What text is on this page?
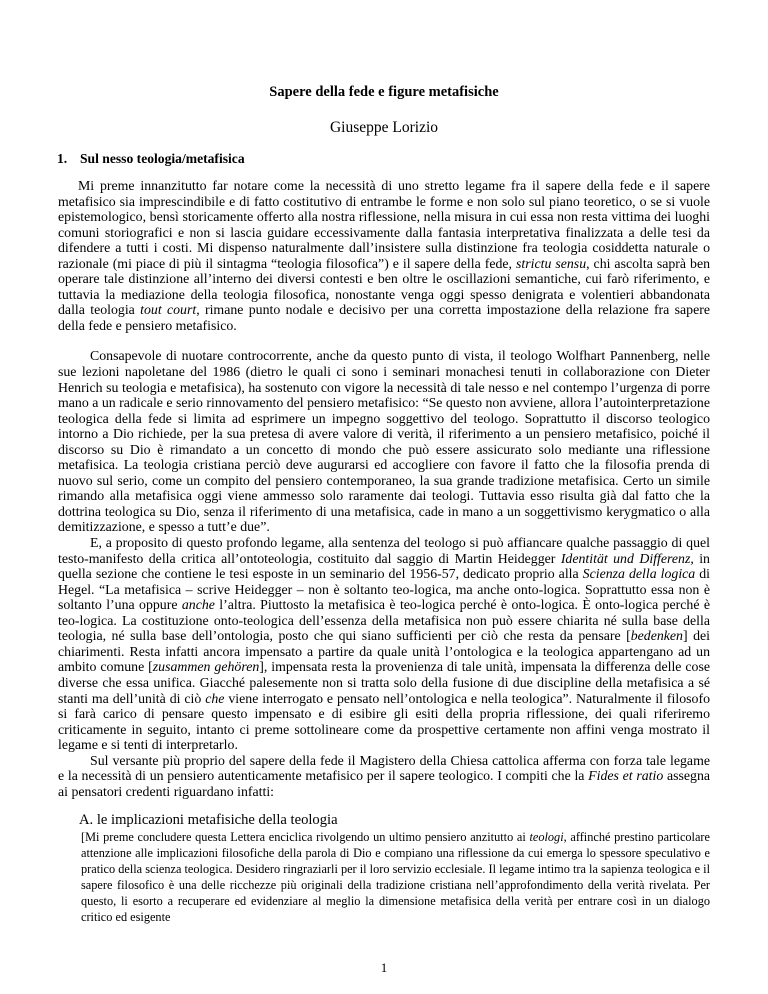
Sapere della fede e figure metafisiche
Giuseppe Lorizio
1. Sul nesso teologia/metafisica

Mi preme innanzitutto far notare come la necessità di uno stretto legame fra il sapere della fede e il sapere metafisico sia imprescindibile e di fatto costitutivo di entrambe le forme e non solo sul piano teoretico, o se si vuole epistemologico, bensì storicamente offerto alla nostra riflessione, nella misura in cui essa non resta vittima dei luoghi comuni storiografici e non si lascia guidare eccessivamente dalla fantasia interpretativa finalizzata a delle tesi da difendere a tutti i costi. Mi dispenso naturalmente dall’insistere sulla distinzione fra teologia cosiddetta naturale o razionale (mi piace di più il sintagma “teologia filosofica”) e il sapere della fede, strictu sensu, chi ascolta saprà ben operare tale distinzione all’interno dei diversi contesti e ben oltre le oscillazioni semantiche, cui farò riferimento, e tuttavia la mediazione della teologia filosofica, nonostante venga oggi spesso denigrata e volentieri abbandonata dalla teologia tout court, rimane punto nodale e decisivo per una corretta impostazione della relazione fra sapere della fede e pensiero metafisico.

Consapevole di nuotare controcorrente, anche da questo punto di vista, il teologo Wolfhart Pannenberg, nelle sue lezioni napoletane del 1986 (dietro le quali ci sono i seminari monachesi tenuti in collaborazione con Dieter Henrich su teologia e metafisica), ha sostenuto con vigore la necessità di tale nesso e nel contempo l’urgenza di porre mano a un radicale e serio rinnovamento del pensiero metafisico: “Se questo non avviene, allora l’autointerpretazione teologica della fede si limita ad esprimere un impegno soggettivo del teologo. Soprattutto il discorso teologico intorno a Dio richiede, per la sua pretesa di avere valore di verità, il riferimento a un pensiero metafisico, poiché il discorso su Dio è rimandato a un concetto di mondo che può essere assicurato solo mediante una riflessione metafisica. La teologia cristiana perciò deve augurarsi ed accogliere con favore il fatto che la filosofia prenda di nuovo sul serio, come un compito del pensiero contemporaneo, la sua grande tradizione metafisica. Certo un simile rimando alla metafisica oggi viene ammesso solo raramente dai teologi. Tuttavia esso risulta già dal fatto che la dottrina teologica su Dio, senza il riferimento di una metafisica, cade in mano a un soggettivismo kerygmatico o alla demitizzazione, e spesso a tutt’e due”.

E, a proposito di questo profondo legame, alla sentenza del teologo si può affiancare qualche passaggio di quel testo-manifesto della critica all’ontoteologia, costituito dal saggio di Martin Heidegger Identität und Differenz, in quella sezione che contiene le tesi esposte in un seminario del 1956-57, dedicato proprio alla Scienza della logica di Hegel. “La metafisica – scrive Heidegger – non è soltanto teo-logica, ma anche onto-logica. Soprattutto essa non è soltanto l’una oppure anche l’altra. Piuttosto la metafisica è teo-logica perché è onto-logica. È onto-logica perché è teo-logica. La costituzione onto-teologica dell’essenza della metafisica non può essere chiarita né sulla base della teologia, né sulla base dell’ontologia, posto che qui siano sufficienti per ciò che resta da pensare [bedenken] dei chiarimenti. Resta infatti ancora impensato a partire da quale unità l’ontologica e la teologica appartengano ad un ambito comune [zusammen gehören], impensata resta la provenienza di tale unità, impensata la differenza delle cose diverse che essa unifica. Giacché palesemente non si tratta solo della fusione di due discipline della metafisica a sé stanti ma dell’unità di ciò che viene interrogato e pensato nell’ontologica e nella teologica”. Naturalmente il filosofo si farà carico di pensare questo impensato e di esibire gli esiti della propria riflessione, dei quali riferiremo criticamente in seguito, intanto ci preme sottolineare come da prospettive certamente non affini venga mostrato il legame e si tenti di interpretarlo.

Sul versante più proprio del sapere della fede il Magistero della Chiesa cattolica afferma con forza tale legame e la necessità di un pensiero autenticamente metafisico per il sapere teologico. I compiti che la Fides et ratio assegna ai pensatori credenti riguardano infatti:

A. le implicazioni metafisiche della teologia
[Mi preme concludere questa Lettera enciclica rivolgendo un ultimo pensiero anzitutto ai teologi, affinché prestino particolare attenzione alle implicazioni filosofiche della parola di Dio e compiano una riflessione da cui emerga lo spessore speculativo e pratico della scienza teologica. Desidero ringraziarli per il loro servizio ecclesiale. Il legame intimo tra la sapienza teologica e il sapere filosofico è una delle ricchezze più originali della tradizione cristiana nell’approfondimento della verità rivelata. Per questo, li esorto a recuperare ed evidenziare al meglio la dimensione metafisica della verità per entrare così in un dialogo critico ed esigente
1
